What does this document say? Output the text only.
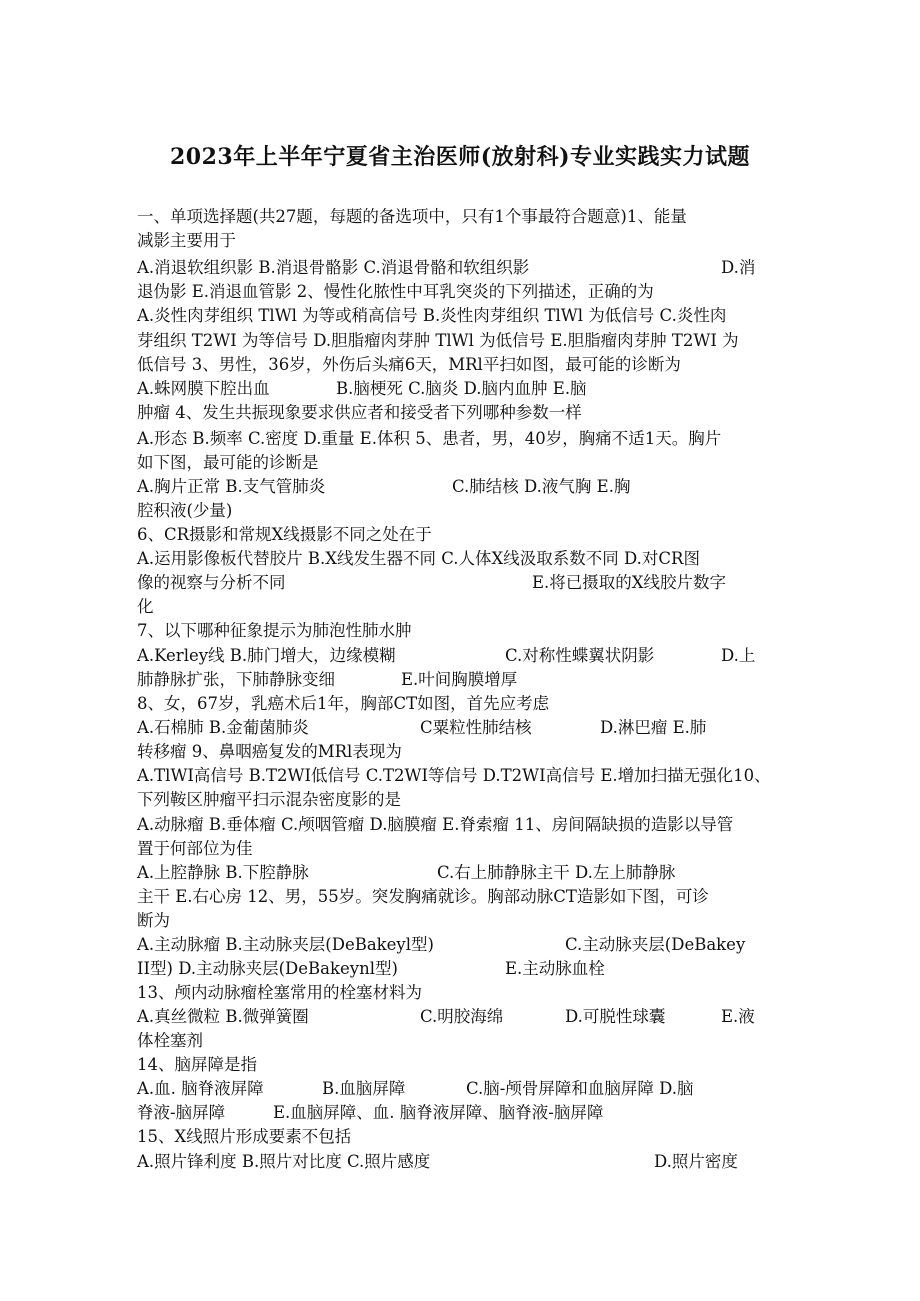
2023年上半年宁夏省主治医师(放射科)专业实践实力试题
一、单项选择题(共27题，每题的备选项中，只有1个事最符合题意)1、能量
减影主要用于
A.消退软组织影 B.消退骨骼影 C.消退骨骼和软组织影	D.消
退伪影 E.消退血管影 2、慢性化脓性中耳乳突炎的下列描述，正确的为
A.炎性肉芽组织 TlWl 为等或稍高信号 B.炎性肉芽组织 TlWl 为低信号 C.炎性肉
芽组织 T2WI 为等信号 D.胆脂瘤肉芽肿 TlWl 为低信号 E.胆脂瘤肉芽肿 T2WI 为
低信号 3、男性，36岁，外伤后头痛6天，MRl平扫如图，最可能的诊断为
A.蛛网膜下腔出血	B.脑梗死 C.脑炎 D.脑内血肿 E.脑
肿瘤 4、发生共振现象要求供应者和接受者下列哪种参数一样
A.形态 B.频率 C.密度 D.重量 E.体积 5、患者，男，40岁，胸痛不适1天。胸片
如下图，最可能的诊断是
A.胸片正常 B.支气管肺炎	C.肺结核 D.液气胸 E.胸
腔积液(少量)
6、CR摄影和常规X线摄影不同之处在于
A.运用影像板代替胶片 B.X线发生器不同 C.人体X线汲取系数不同 D.对CR图
像的视察与分析不同	E.将已摄取的X线胶片数字
化
7、以下哪种征象提示为肺泡性肺水肿
A.Kerley线 B.肺门增大，边缘模糊	C.对称性蝶翼状阴影	D.上
肺静脉扩张，下肺静脉变细	E.叶间胸膜增厚
8、女，67岁，乳癌术后1年，胸部CT如图，首先应考虑
A.石棉肺 B.金葡菌肺炎	C粟粒性肺结核	D.淋巴瘤 E.肺
转移瘤 9、鼻咽癌复发的MRl表现为
A.TlWI高信号 B.T2WI低信号 C.T2WI等信号 D.T2WI高信号 E.增加扫描无强化10、
下列鞍区肿瘤平扫示混杂密度影的是
A.动脉瘤 B.垂体瘤 C.颅咽管瘤 D.脑膜瘤 E.脊索瘤 11、房间隔缺损的造影以导管
置于何部位为佳
A.上腔静脉 B.下腔静脉	C.右上肺静脉主干 D.左上肺静脉
主干 E.右心房 12、男，55岁。突发胸痛就诊。胸部动脉CT造影如下图，可诊
断为
A.主动脉瘤 B.主动脉夹层(DeBakeyl型)	C.主动脉夹层(DeBakey
II型) D.主动脉夹层(DeBakeynl型)	E.主动脉血栓
13、颅内动脉瘤栓塞常用的栓塞材料为
A.真丝微粒 B.微弹簧圈	C.明胶海绵	D.可脱性球囊	E.液
体栓塞剂
14、脑屏障是指
A.血. 脑脊液屏障	B.血脑屏障	C.脑-颅骨屏障和血脑屏障 D.脑
脊液-脑屏障	E.血脑屏障、血. 脑脊液屏障、脑脊液-脑屏障
15、X线照片形成要素不包括
A.照片锋利度 B.照片对比度 C.照片感度	D.照片密度
